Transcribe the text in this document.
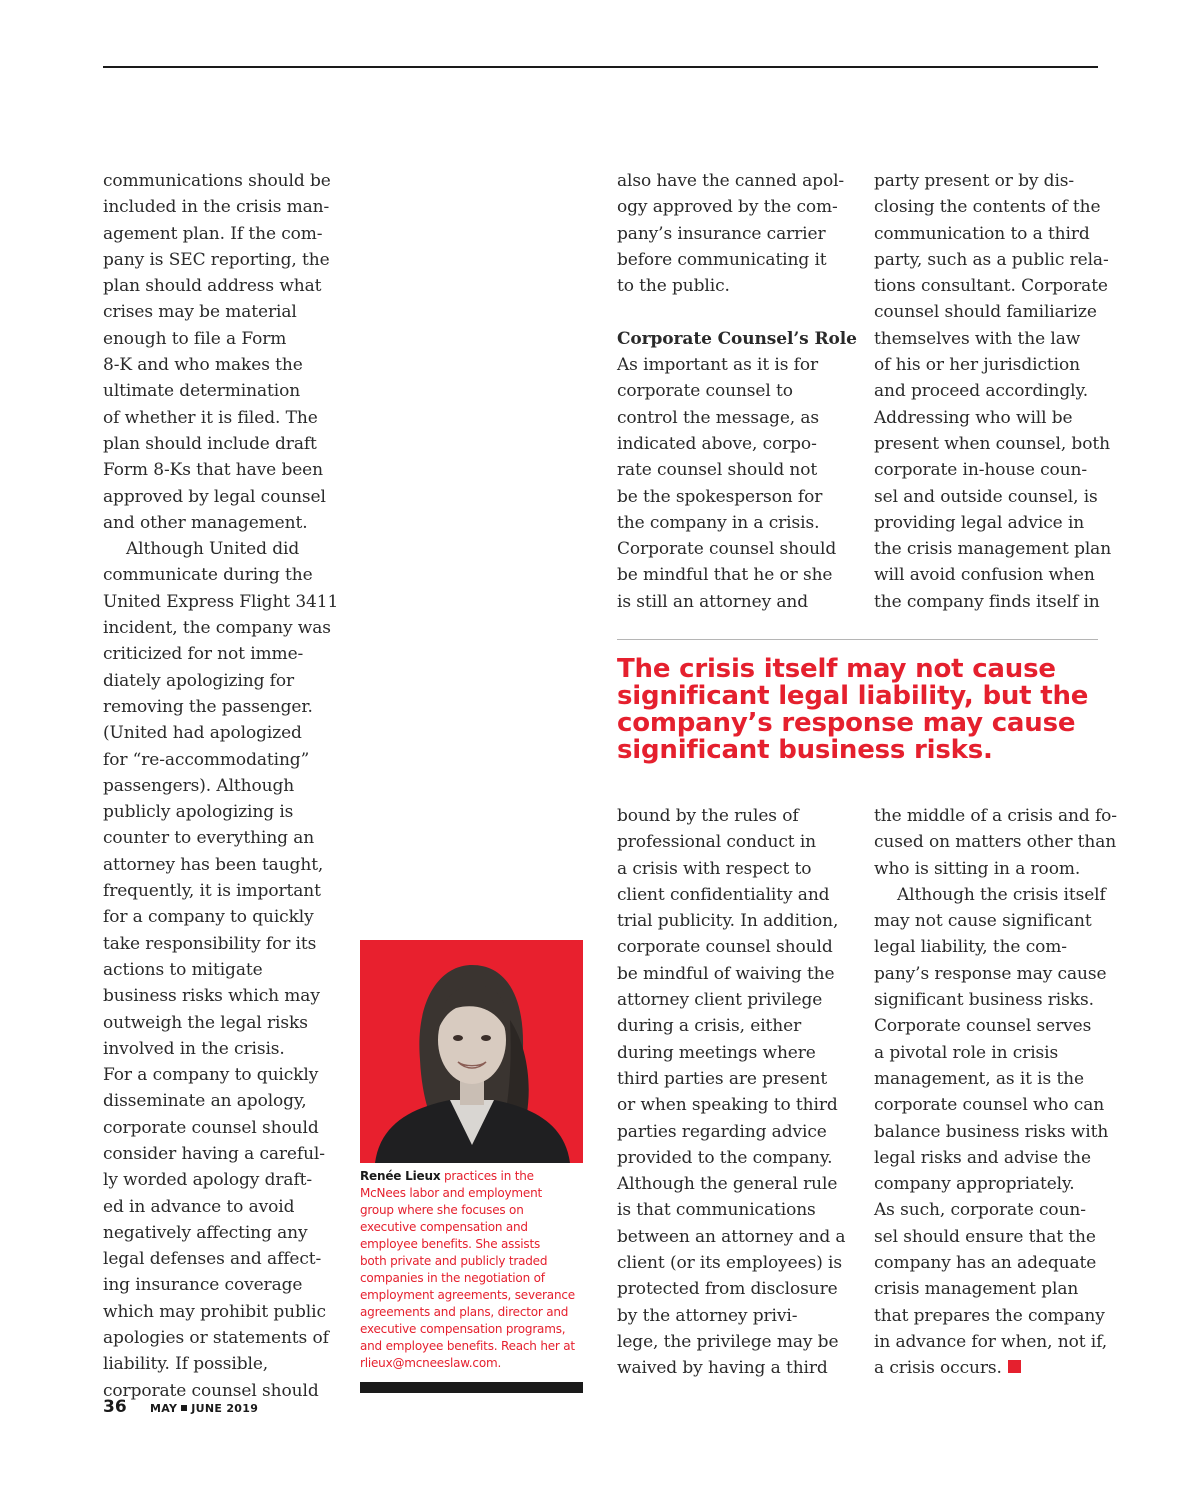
communications should be
included in the crisis man-
agement plan. If the com-
pany is SEC reporting, the
plan should address what
crises may be material
enough to file a Form
8-K and who makes the
ultimate determination
of whether it is filed. The
plan should include draft
Form 8-Ks that have been
approved by legal counsel
and other management.
Although United did
communicate during the
United Express Flight 3411
incident, the company was
criticized for not imme-
diately apologizing for
removing the passenger.
(United had apologized
for “re-accommodating”
passengers). Although
publicly apologizing is
counter to everything an
attorney has been taught,
frequently, it is important
for a company to quickly
take responsibility for its
actions to mitigate
business risks which may
outweigh the legal risks
involved in the crisis.
For a company to quickly
disseminate an apology,
corporate counsel should
consider having a careful-
ly worded apology draft-
ed in advance to avoid
negatively affecting any
legal defenses and affect-
ing insurance coverage
which may prohibit public
apologies or statements of
liability. If possible,
corporate counsel should
also have the canned apol-
ogy approved by the com-
pany’s insurance carrier
before communicating it
to the public.
Corporate Counsel’s Role
As important as it is for
corporate counsel to
control the message, as
indicated above, corpo-
rate counsel should not
be the spokesperson for
the company in a crisis.
Corporate counsel should
be mindful that he or she
is still an attorney and
party present or by dis-
closing the contents of the
communication to a third
party, such as a public rela-
tions consultant. Corporate
counsel should familiarize
themselves with the law
of his or her jurisdiction
and proceed accordingly.
Addressing who will be
present when counsel, both
corporate in-house coun-
sel and outside counsel, is
providing legal advice in
the crisis management plan
will avoid confusion when
the company finds itself in
The crisis itself may not cause
significant legal liability, but the
company’s response may cause
significant business risks.
bound by the rules of
professional conduct in
a crisis with respect to
client confidentiality and
trial publicity. In addition,
corporate counsel should
be mindful of waiving the
attorney client privilege
during a crisis, either
during meetings where
third parties are present
or when speaking to third
parties regarding advice
provided to the company.
Although the general rule
is that communications
between an attorney and a
client (or its employees) is
protected from disclosure
by the attorney privi-
lege, the privilege may be
waived by having a third
the middle of a crisis and fo-
cused on matters other than
who is sitting in a room.
Although the crisis itself
may not cause significant
legal liability, the com-
pany’s response may cause
significant business risks.
Corporate counsel serves
a pivotal role in crisis
management, as it is the
corporate counsel who can
balance business risks with
legal risks and advise the
company appropriately.
As such, corporate coun-
sel should ensure that the
company has an adequate
crisis management plan
that prepares the company
in advance for when, not if,
a crisis occurs.
Renée Lieux practices in the
McNees labor and employment
group where she focuses on
executive compensation and
employee benefits. She assists
both private and publicly traded
companies in the negotiation of
employment agreements, severance
agreements and plans, director and
executive compensation programs,
and employee benefits. Reach her at
rlieux@mcneeslaw.com.
36 MAY JUNE 2019
